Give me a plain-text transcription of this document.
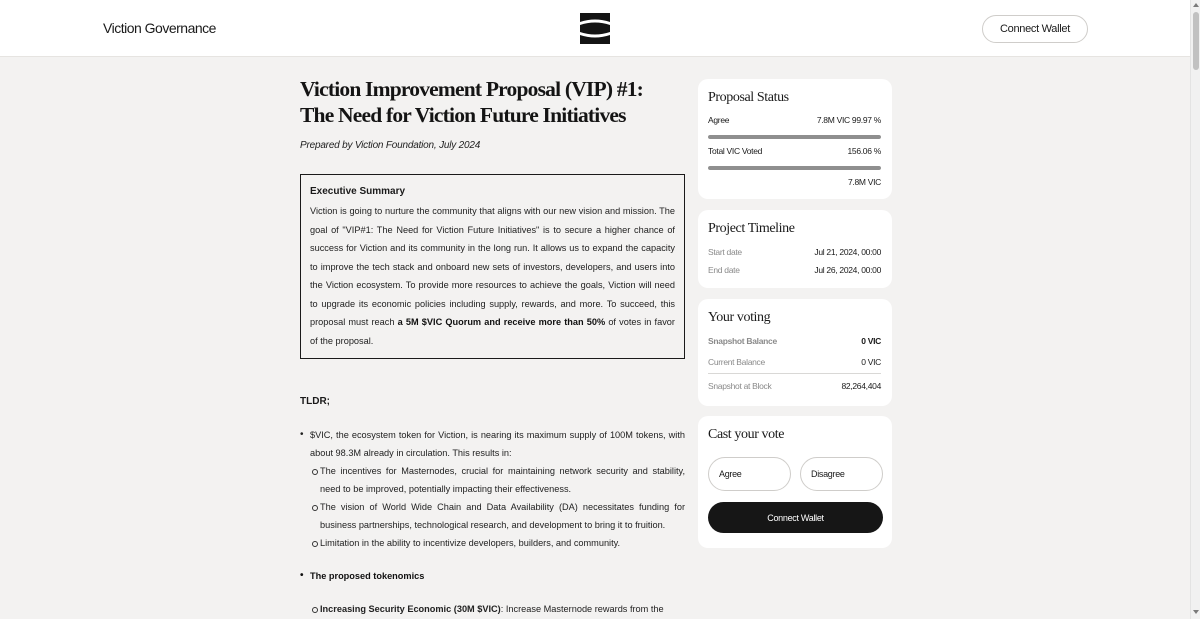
Viction Governance	Connect Wallet
Viction Improvement Proposal (VIP) #1: The Need for Viction Future Initiatives
Prepared by Viction Foundation, July 2024
Executive Summary
Viction is going to nurture the community that aligns with our new vision and mission. The goal of "VIP#1: The Need for Viction Future Initiatives" is to secure a higher chance of success for Viction and its community in the long run. It allows us to expand the capacity to improve the tech stack and onboard new sets of investors, developers, and users into the Viction ecosystem. To provide more resources to achieve the goals, Viction will need to upgrade its economic policies including supply, rewards, and more. To succeed, this proposal must reach a 5M $VIC Quorum and receive more than 50% of votes in favor of the proposal.
TLDR;
• $VIC, the ecosystem token for Viction, is nearing its maximum supply of 100M tokens, with about 98.3M already in circulation. This results in:
The incentives for Masternodes, crucial for maintaining network security and stability, need to be improved, potentially impacting their effectiveness.
The vision of World Wide Chain and Data Availability (DA) necessitates funding for business partnerships, technological research, and development to bring it to fruition.
Limitation in the ability to incentivize developers, builders, and community.
• The proposed tokenomics
Increasing Security Economic (30M $VIC): Increase Masternode rewards from the
Proposal Status
Agree	7.8M VIC 99.97 %
Total VIC Voted	156.06 %
7.8M VIC
Project Timeline
Start date	Jul 21, 2024, 00:00
End date	Jul 26, 2024, 00:00
Your voting
Snapshot Balance	0 VIC
Current Balance	0 VIC
Snapshot at Block	82,264,404
Cast your vote
Agree	Disagree
Connect Wallet
